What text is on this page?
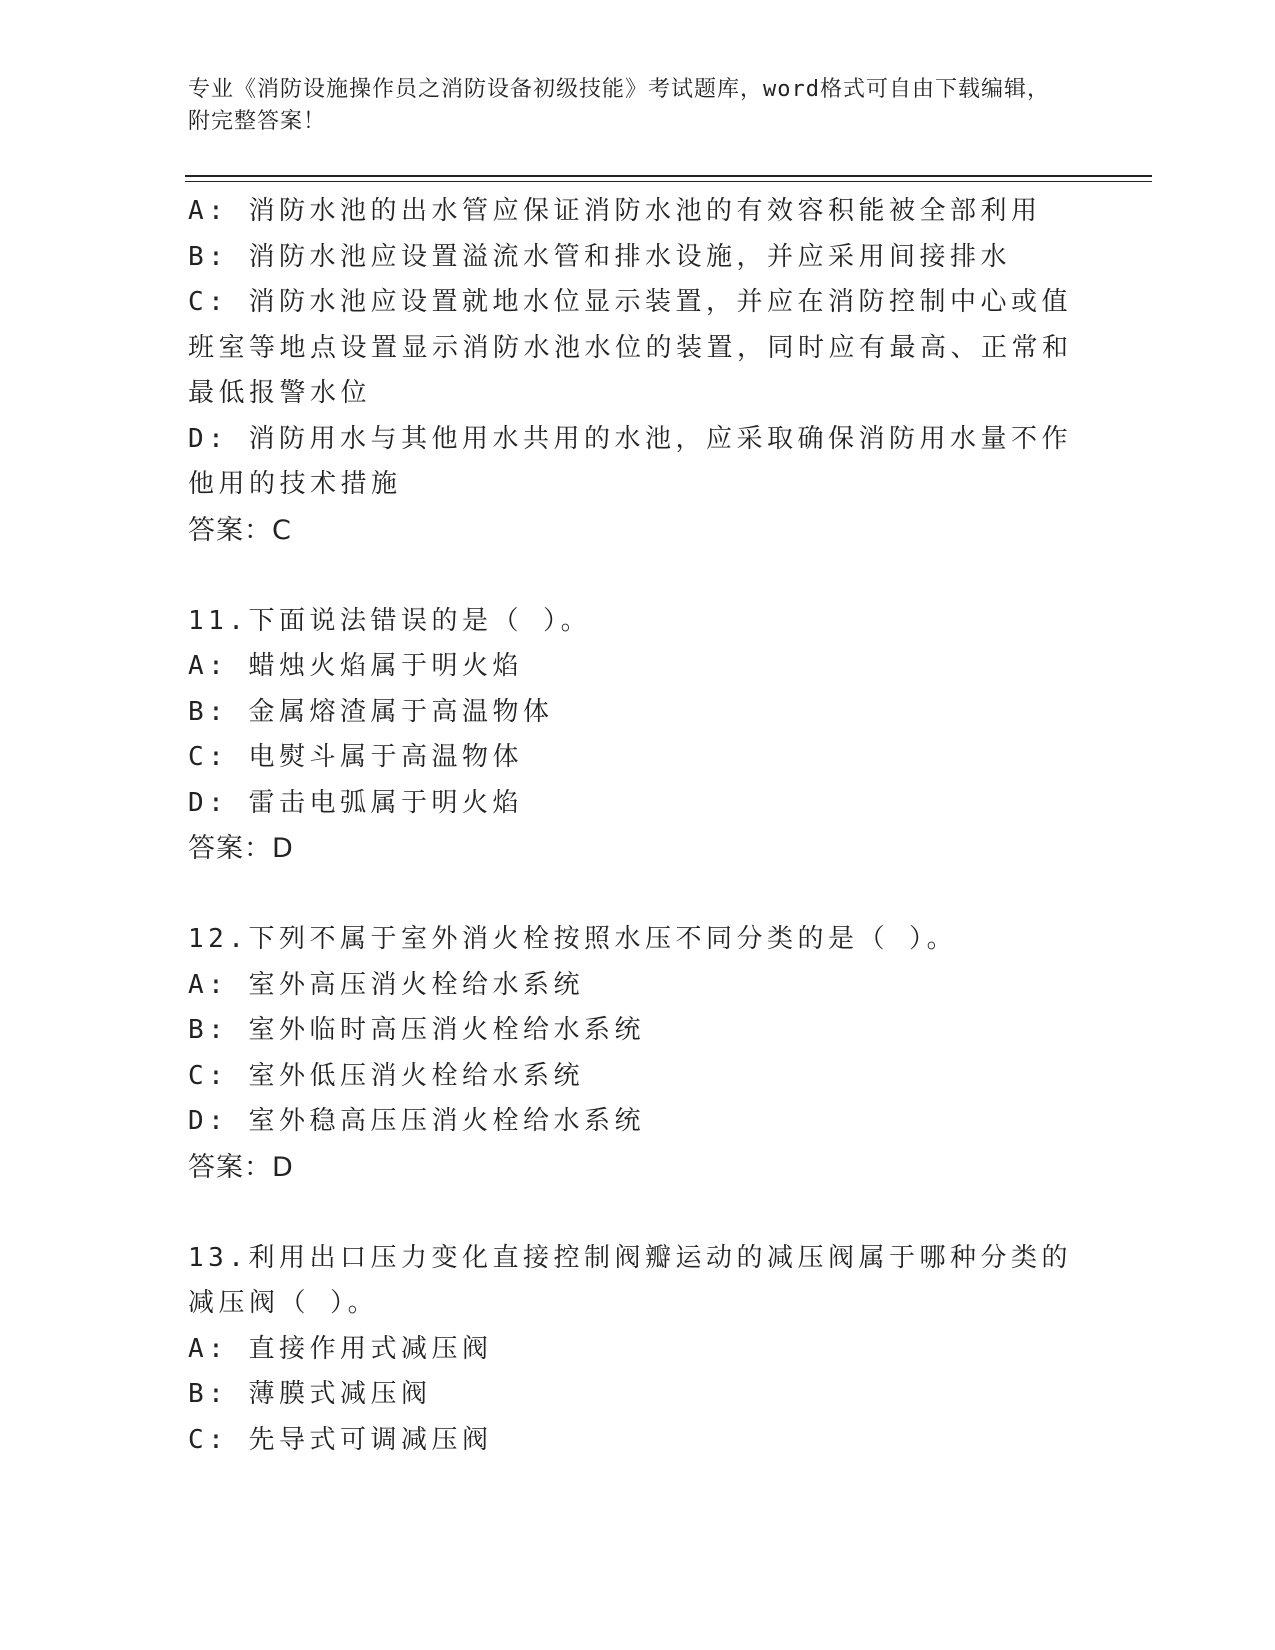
专业《消防设施操作员之消防设备初级技能》考试题库，word格式可自由下载编辑，附完整答案！
A: 消防水池的出水管应保证消防水池的有效容积能被全部利用
B: 消防水池应设置溢流水管和排水设施，并应采用间接排水
C: 消防水池应设置就地水位显示装置，并应在消防控制中心或值班室等地点设置显示消防水池水位的装置，同时应有最高、正常和最低报警水位
D: 消防用水与其他用水共用的水池，应采取确保消防用水量不作他用的技术措施
答案：C
11.下面说法错误的是（ ）。
A: 蜡烛火焰属于明火焰
B: 金属熔渣属于高温物体
C: 电熨斗属于高温物体
D: 雷击电弧属于明火焰
答案：D
12.下列不属于室外消火栓按照水压不同分类的是（ ）。
A: 室外高压消火栓给水系统
B: 室外临时高压消火栓给水系统
C: 室外低压消火栓给水系统
D: 室外稳高压压消火栓给水系统
答案：D
13.利用出口压力变化直接控制阀瓣运动的减压阀属于哪种分类的减压阀（ ）。
A: 直接作用式减压阀
B: 薄膜式减压阀
C: 先导式可调减压阀
